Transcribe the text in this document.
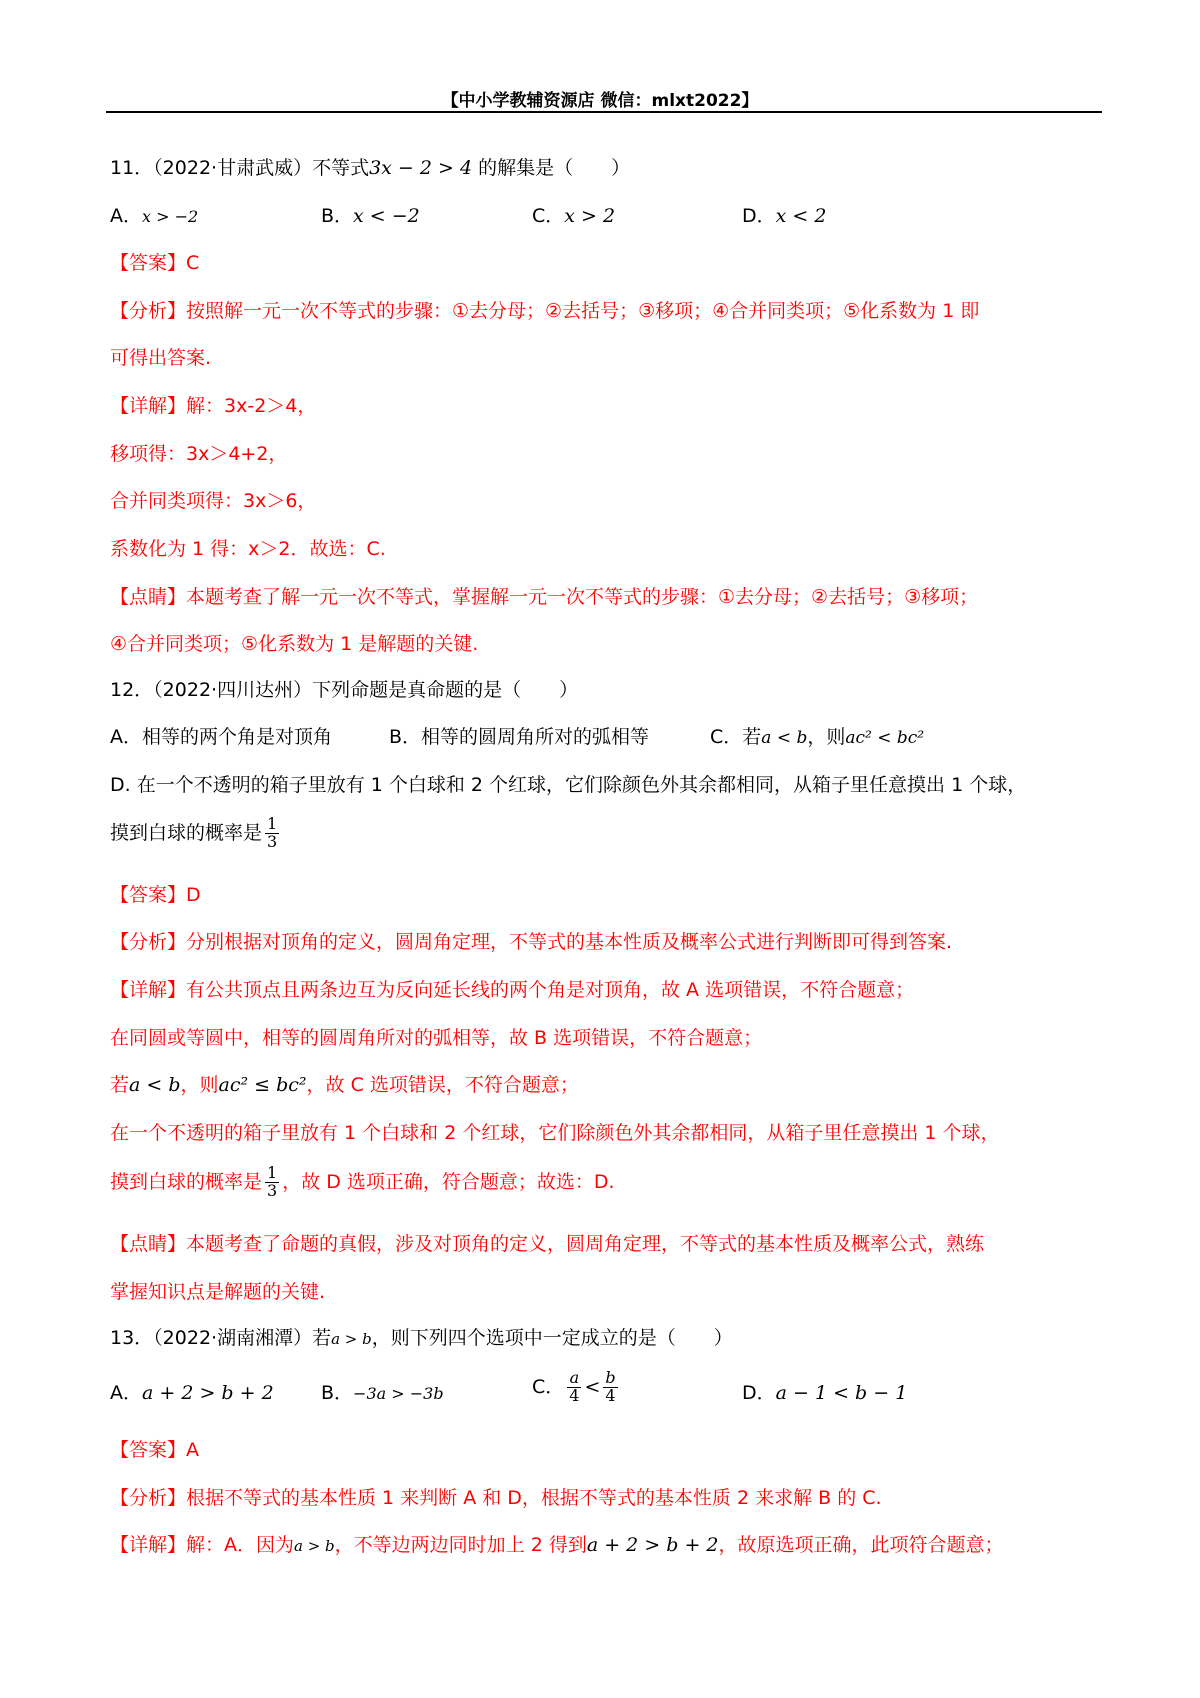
【中小学教辅资源店 微信：mlxt2022】
11．（2022·甘肃武威）不等式3x − 2 > 4 的解集是（　　）
A．x > −2	B．x < −2	C．x > 2	D．x < 2
【答案】C
【分析】按照解一元一次不等式的步骤：①去分母；②去括号；③移项；④合并同类项；⑤化系数为 1 即
可得出答案.
【详解】解：3x-2＞4，
移项得：3x＞4+2，
合并同类项得：3x＞6，
系数化为 1 得：x＞2．故选：C.
【点睛】本题考查了解一元一次不等式，掌握解一元一次不等式的步骤：①去分母；②去括号；③移项；
④合并同类项；⑤化系数为 1 是解题的关键.
12．（2022·四川达州）下列命题是真命题的是（　　）
A．相等的两个角是对顶角	B．相等的圆周角所对的弧相等	C．若a < b，则ac² < bc²
D. 在一个不透明的箱子里放有 1 个白球和 2 个红球，它们除颜色外其余都相同，从箱子里任意摸出 1 个球，
摸到白球的概率是 $\frac{1}{3}$
【答案】D
【分析】分别根据对顶角的定义，圆周角定理，不等式的基本性质及概率公式进行判断即可得到答案.
【详解】有公共顶点且两条边互为反向延长线的两个角是对顶角，故 A 选项错误，不符合题意；
在同圆或等圆中，相等的圆周角所对的弧相等，故 B 选项错误，不符合题意；
若a < b，则ac² ≤ bc²，故 C 选项错误，不符合题意；
在一个不透明的箱子里放有 1 个白球和 2 个红球，它们除颜色外其余都相同，从箱子里任意摸出 1 个球，
摸到白球的概率是 $\frac{1}{3}$ ，故 D 选项正确，符合题意；故选：D.
【点睛】本题考查了命题的真假，涉及对顶角的定义，圆周角定理，不等式的基本性质及概率公式，熟练
掌握知识点是解题的关键.
13．（2022·湖南湘潭）若a > b，则下列四个选项中一定成立的是（　　）
A．a + 2 > b + 2 B．−3a > −3b	C． $\frac{a}{4} < \frac{b}{4}$	D．a − 1 < b − 1
【答案】A
【分析】根据不等式的基本性质 1 来判断 A 和 D，根据不等式的基本性质 2 来求解 B 的 C.
【详解】解：A．因为a > b，不等边两边同时加上 2 得到a + 2 > b + 2，故原选项正确，此项符合题意；
